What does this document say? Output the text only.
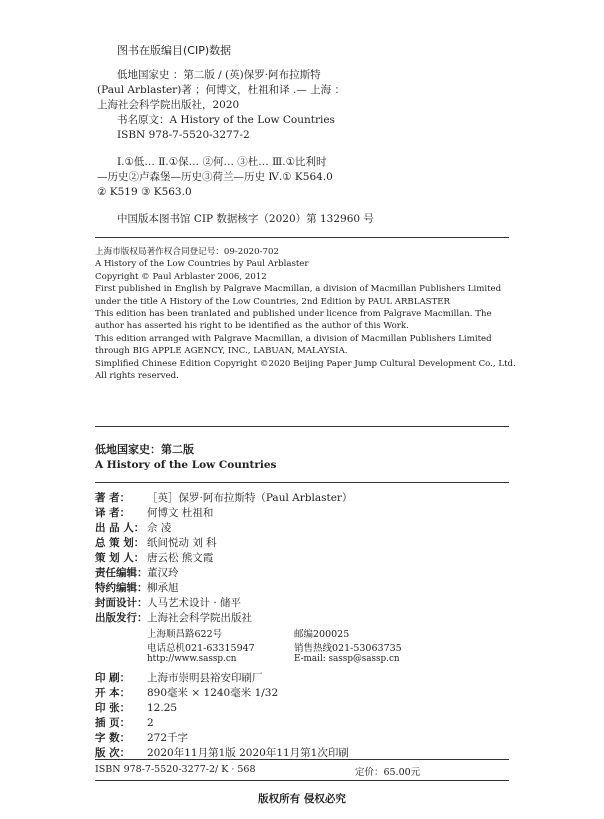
图书在版编目(CIP)数据
低地国家史 ：第二版 / (英)保罗·阿布拉斯特
(Paul Arblaster)著 ；何博文，杜祖和译 .— 上海 ：
上海社会科学院出版社，2020
书名原文：A History of the Low Countries
ISBN 978-7-5520-3277-2
Ⅰ.①低… Ⅱ.①保… ②何… ③杜… Ⅲ.①比利时
—历史②卢森堡—历史③荷兰—历史 Ⅳ.① K564.0
② K519 ③ K563.0
中国版本图书馆 CIP 数据核字（2020）第 132960 号
上海市版权局著作权合同登记号：09-2020-702
A History of the Low Countries by Paul Arblaster
Copyright © Paul Arblaster 2006, 2012
First published in English by Palgrave Macmillan, a division of Macmillan Publishers Limited
under the title A History of the Low Countries, 2nd Edition by PAUL ARBLASTER
This edition has been tranlated and published under licence from Palgrave Macmillan. The
author has asserted his right to be identified as the author of this Work.
This edition arranged with Palgrave Macmillan, a division of Macmillan Publishers Limited
through BIG APPLE AGENCY, INC., LABUAN, MALAYSIA.
Simplified Chinese Edition Copyright ©2020 Beijing Paper Jump Cultural Development Co., Ltd.
All rights reserved.
低地国家史：第二版
A History of the Low Countries
著 者： ［英］保罗·阿布拉斯特（Paul Arblaster）
译 者： 何博文 杜祖和
出 品 人： 佘 凌
总 策 划： 纸间悦动 刘 科
策 划 人： 唐云松 熊文霞
责任编辑：董汉玲
特约编辑：柳承旭
封面设计：人马艺术设计 · 储平
出版发行：上海社会科学院出版社
上海顺昌路622号	邮编200025
电话总机021-63315947	销售热线021-53063735
http://www.sassp.cn	E-mail: sassp@sassp.cn
印 刷： 上海市崇明县裕安印刷厂
开 本： 890毫米 × 1240毫米 1/32
印 张： 12.25
插 页： 2
字 数： 272千字
版 次： 2020年11月第1版 2020年11月第1次印刷
ISBN 978-7-5520-3277-2/ K · 568	定价：65.00元
版权所有 侵权必究
